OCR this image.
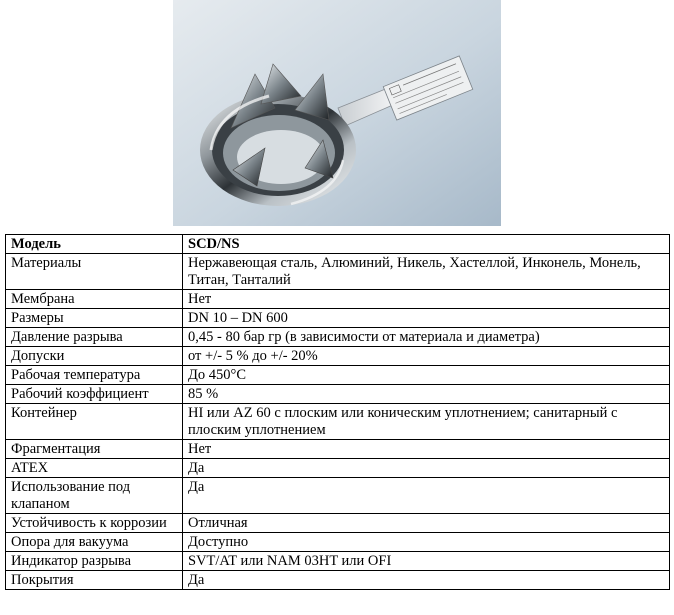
Модель	SCD/NS
Материалы	Нержавеющая сталь, Алюминий, Никель, Хастеллой, Инконель, Монель, Титан, Танталий
Мембрана	Нет
Размеры	DN 10 – DN 600
Давление разрыва	0,45 - 80 бар гр (в зависимости от материала и диаметра)
Допуски	от +/- 5 % до +/- 20%
Рабочая температура	До 450°С
Рабочий коэффициент	85 %
Контейнер	HI или AZ 60 с плоским или коническим уплотнением; санитарный с плоским уплотнением
Фрагментация	Нет
ATEX	Да
Использование под клапаном	Да
Устойчивость к коррозии	Отличная
Опора для вакуума	Доступно
Индикатор разрыва	SVT/AT или NAM 03HT или OFI
Покрытия	Да
